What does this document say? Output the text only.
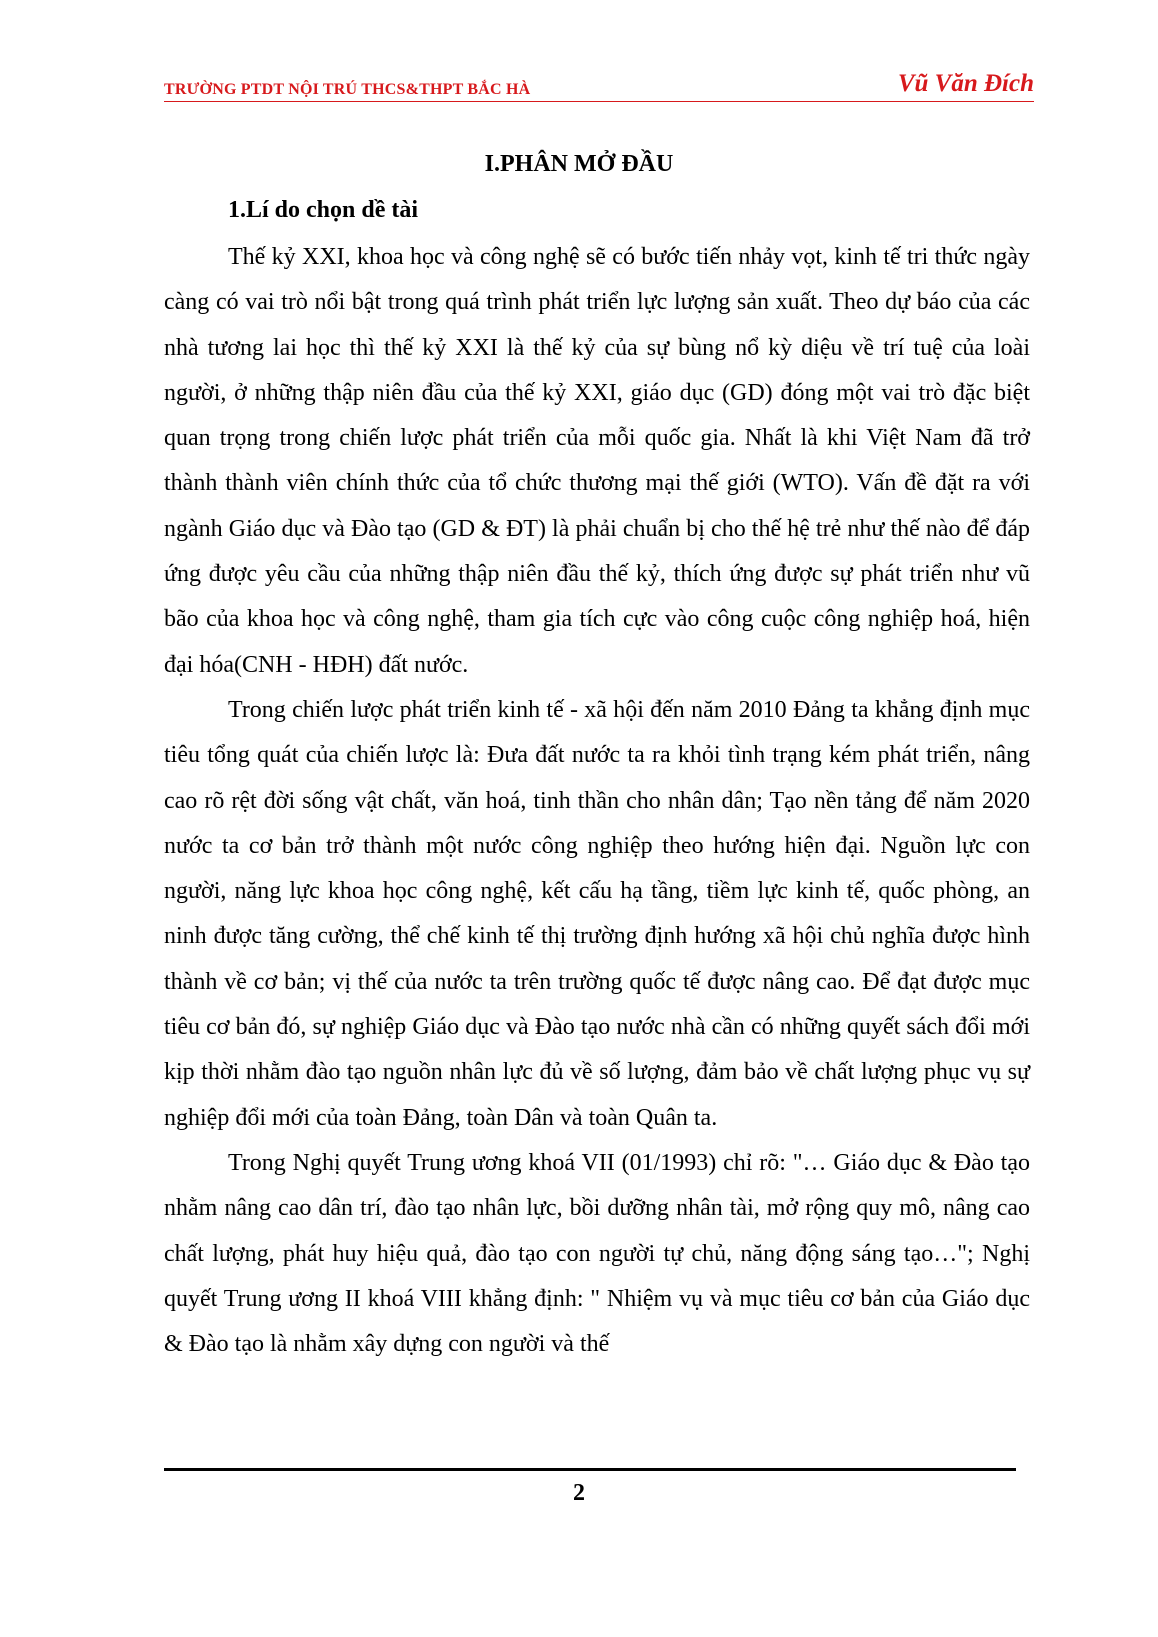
TRƯỜNG PTDT NỘI TRÚ THCS&THPT BẮC HÀ	Vũ Văn Đích
I.PHÂN MỞ ĐẦU
1.Lí do chọn dề tài

Thế kỷ XXI, khoa học và công nghệ sẽ có bước tiến nhảy vọt, kinh tế tri thức ngày càng có vai trò nổi bật trong quá trình phát triển lực lượng sản xuất. Theo dự báo của các nhà tương lai học thì thế kỷ XXI là thế kỷ của sự bùng nổ kỳ diệu về trí tuệ của loài người, ở những thập niên đầu của thế kỷ XXI, giáo dục (GD) đóng một vai trò đặc biệt quan trọng trong chiến lược phát triển của mỗi quốc gia. Nhất là khi Việt Nam đã trở thành thành viên chính thức của tổ chức thương mại thế giới (WTO). Vấn đề đặt ra với ngành Giáo dục và Đào tạo (GD & ĐT) là phải chuẩn bị cho thế hệ trẻ như thế nào để đáp ứng được yêu cầu của những thập niên đầu thế kỷ, thích ứng được sự phát triển như vũ bão của khoa học và công nghệ, tham gia tích cực vào công cuộc công nghiệp hoá, hiện đại hóa(CNH - HĐH) đất nước.

Trong chiến lược phát triển kinh tế - xã hội đến năm 2010 Đảng ta khẳng định mục tiêu tổng quát của chiến lược là: Đưa đất nước ta ra khỏi tình trạng kém phát triển, nâng cao rõ rệt đời sống vật chất, văn hoá, tinh thần cho nhân dân; Tạo nền tảng để năm 2020 nước ta cơ bản trở thành một nước công nghiệp theo hướng hiện đại. Nguồn lực con người, năng lực khoa học công nghệ, kết cấu hạ tầng, tiềm lực kinh tế, quốc phòng, an ninh được tăng cường, thể chế kinh tế thị trường định hướng xã hội chủ nghĩa được hình thành về cơ bản; vị thế của nước ta trên trường quốc tế được nâng cao. Để đạt được mục tiêu cơ bản đó, sự nghiệp Giáo dục và Đào tạo nước nhà cần có những quyết sách đổi mới kịp thời nhằm đào tạo nguồn nhân lực đủ về số lượng, đảm bảo về chất lượng phục vụ sự nghiệp đổi mới của toàn Đảng, toàn Dân và toàn Quân ta.

Trong Nghị quyết Trung ương khoá VII (01/1993) chỉ rõ: "… Giáo dục & Đào tạo nhằm nâng cao dân trí, đào tạo nhân lực, bồi dưỡng nhân tài, mở rộng quy mô, nâng cao chất lượng, phát huy hiệu quả, đào tạo con người tự chủ, năng động sáng tạo…"; Nghị quyết Trung ương II khoá VIII khẳng định: " Nhiệm vụ và mục tiêu cơ bản của Giáo dục & Đào tạo là nhằm xây dựng con người và thế

2
